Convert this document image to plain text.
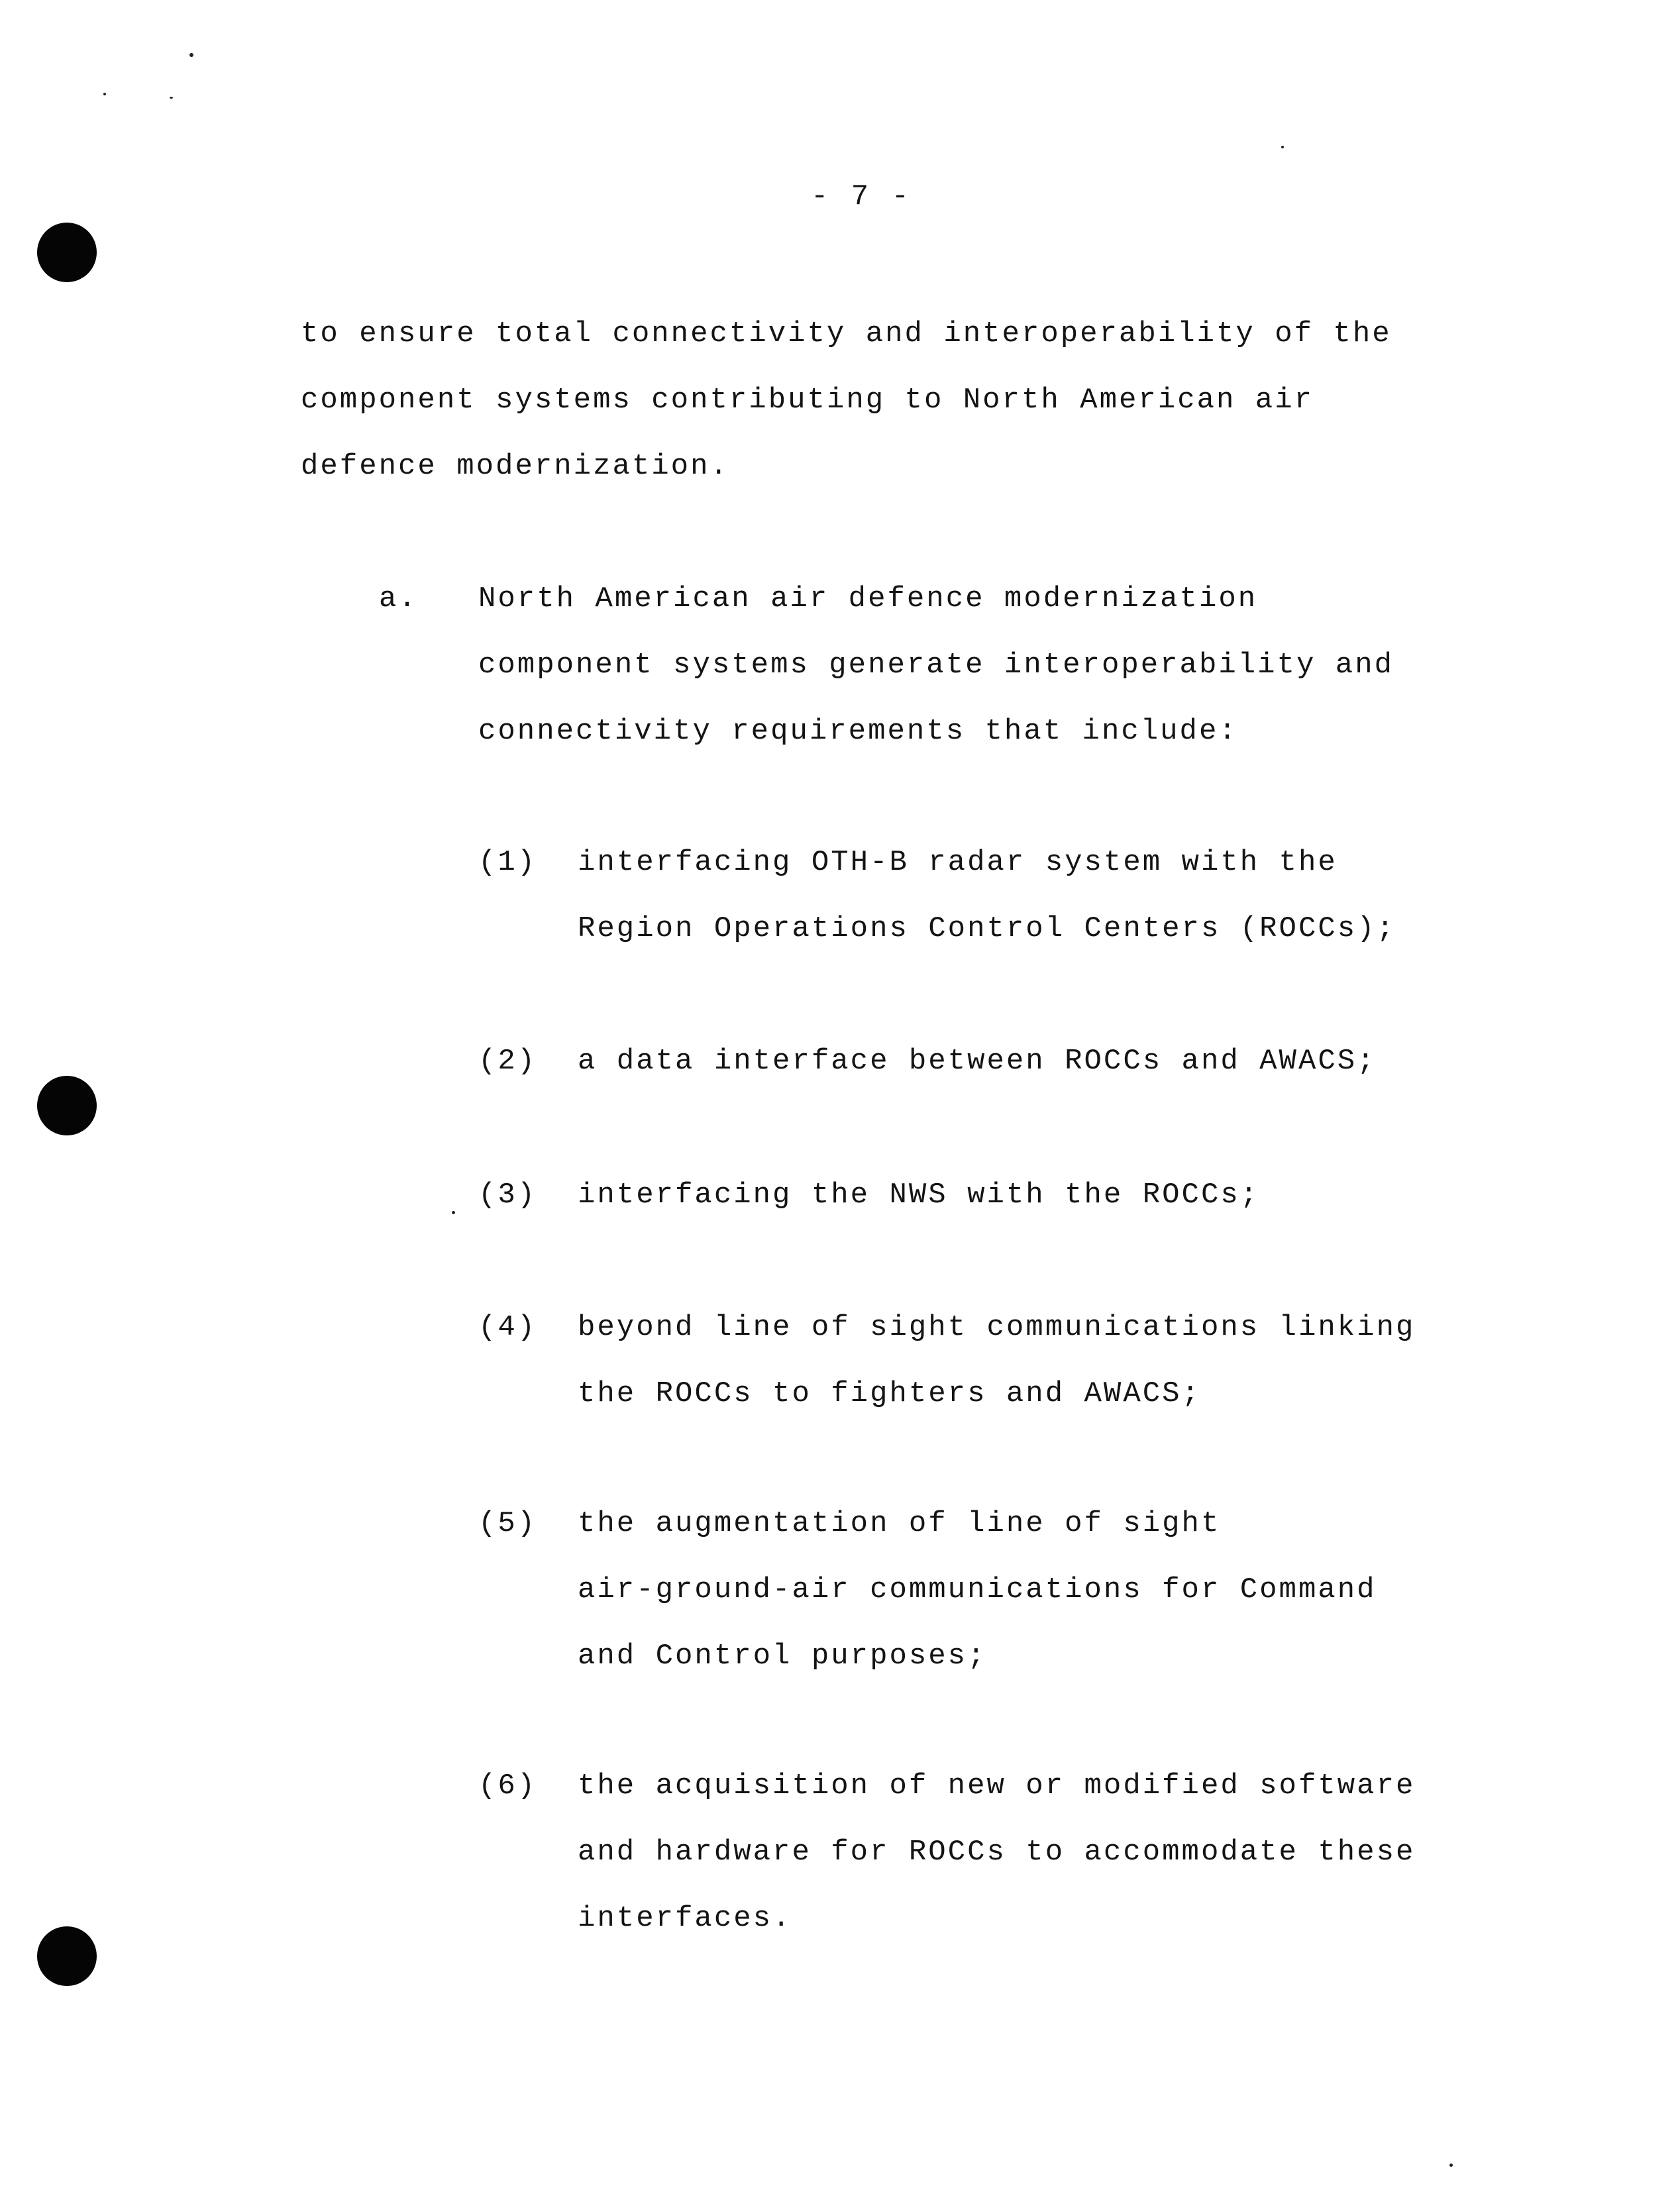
- 7 -
to ensure total connectivity and interoperability of the
component systems contributing to North American air
defence modernization.
a. North American air defence modernization
component systems generate interoperability and
connectivity requirements that include:
(1) interfacing OTH-B radar system with the
Region Operations Control Centers (ROCCs);
(2) a data interface between ROCCs and AWACS;
(3) interfacing the NWS with the ROCCs;
(4) beyond line of sight communications linking
the ROCCs to fighters and AWACS;
(5) the augmentation of line of sight
air-ground-air communications for Command
and Control purposes;
(6) the acquisition of new or modified software
and hardware for ROCCs to accommodate these
interfaces.
